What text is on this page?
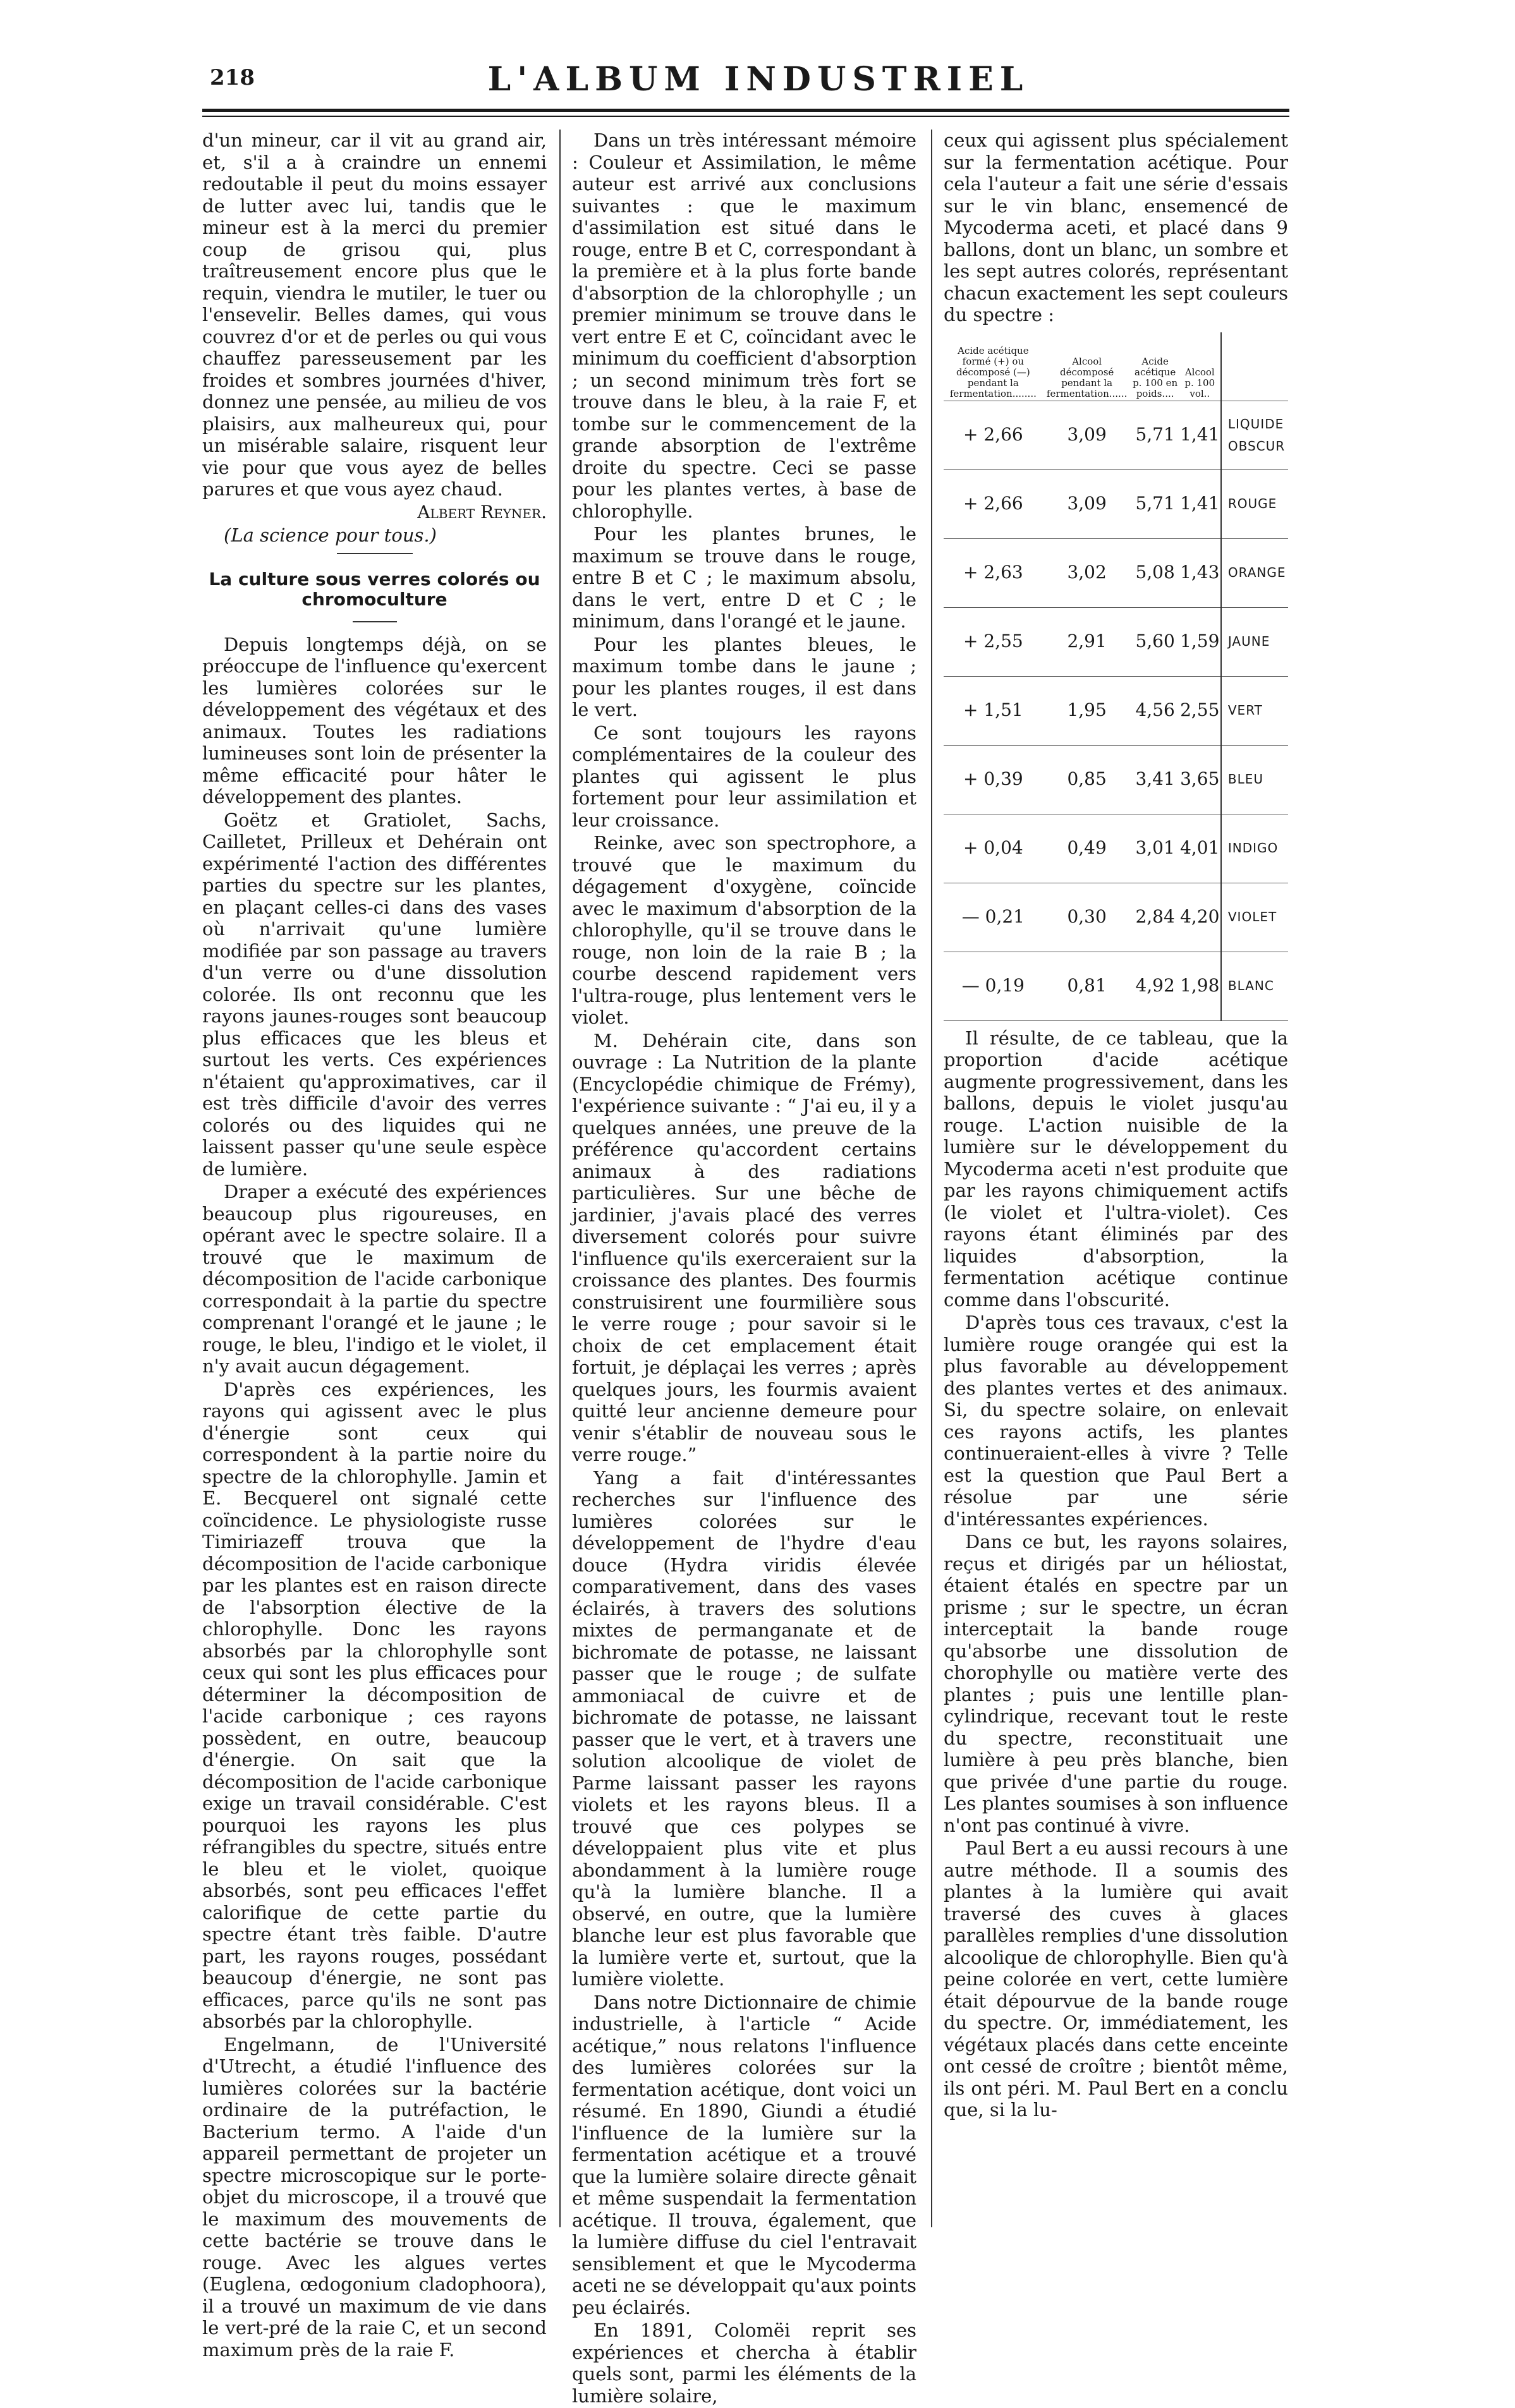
218	L'ALBUM INDUSTRIEL

d'un mineur, car il vit au grand air, et, s'il a à craindre un ennemi redoutable il peut du moins essayer de lutter avec lui, tandis que le mineur est à la merci du premier coup de grisou qui, plus traîtreusement encore plus que le requin, viendra le mutiler, le tuer ou l'ensevelir. Belles dames, qui vous couvrez d'or et de perles ou qui vous chauffez paresseusement par les froides et sombres journées d'hiver, donnez une pensée, au milieu de vos plaisirs, aux malheureux qui, pour un misérable salaire, risquent leur vie pour que vous ayez de belles parures et que vous ayez chaud.

Albert Reyner.

(La science pour tous.)

La culture sous verres colorés ou chromoculture

Depuis longtemps déjà, on se préoccupe de l'influence qu'exercent les lumières colorées sur le développement des végétaux et des animaux. Toutes les radiations lumineuses sont loin de présenter la même efficacité pour hâter le développement des plantes.

Goëtz et Gratiolet, Sachs, Cailletet, Prilleux et Dehérain ont expérimenté l'action des différentes parties du spectre sur les plantes, en plaçant celles-ci dans des vases où n'arrivait qu'une lumière modifiée par son passage au travers d'un verre ou d'une dissolution colorée. Ils ont reconnu que les rayons jaunes-rouges sont beaucoup plus efficaces que les bleus et surtout les verts. Ces expériences n'étaient qu'approximatives, car il est très difficile d'avoir des verres colorés ou des liquides qui ne laissent passer qu'une seule espèce de lumière.

Draper a exécuté des expériences beaucoup plus rigoureuses, en opérant avec le spectre solaire. Il a trouvé que le maximum de décomposition de l'acide carbonique correspondait à la partie du spectre comprenant l'orangé et le jaune ; le rouge, le bleu, l'indigo et le violet, il n'y avait aucun dégagement.

D'après ces expériences, les rayons qui agissent avec le plus d'énergie sont ceux qui correspondent à la partie noire du spectre de la chlorophylle. Jamin et E. Becquerel ont signalé cette coïncidence. Le physiologiste russe Timiriazeff trouva que la décomposition de l'acide carbonique par les plantes est en raison directe de l'absorption élective de la chlorophylle. Donc les rayons absorbés par la chlorophylle sont ceux qui sont les plus efficaces pour déterminer la décomposition de l'acide carbonique ; ces rayons possèdent, en outre, beaucoup d'énergie. On sait que la décomposition de l'acide carbonique exige un travail considérable. C'est pourquoi les rayons les plus réfrangibles du spectre, situés entre le bleu et le violet, quoique absorbés, sont peu efficaces l'effet calorifique de cette partie du spectre étant très faible. D'autre part, les rayons rouges, possédant beaucoup d'énergie, ne sont pas efficaces, parce qu'ils ne sont pas absorbés par la chlorophylle.

Engelmann, de l'Université d'Utrecht, a étudié l'influence des lumières colorées sur la bactérie ordinaire de la putréfaction, le Bacterium termo. A l'aide d'un appareil permettant de projeter un spectre microscopique sur le porte-objet du microscope, il a trouvé que le maximum des mouvements de cette bactérie se trouve dans le rouge. Avec les algues vertes (Euglena, œdogonium cladophoora), il a trouvé un maximum de vie dans le vert-pré de la raie C, et un second maximum près de la raie F.

Dans un très intéressant mémoire : Couleur et Assimilation, le même auteur est arrivé aux conclusions suivantes : que le maximum d'assimilation est situé dans le rouge, entre B et C, correspondant à la première et à la plus forte bande d'absorption de la chlorophylle ; un premier minimum se trouve dans le vert entre E et C, coïncidant avec le minimum du coefficient d'absorption ; un second minimum très fort se trouve dans le bleu, à la raie F, et tombe sur le commencement de la grande absorption de l'extrême droite du spectre. Ceci se passe pour les plantes vertes, à base de chlorophylle.

Pour les plantes brunes, le maximum se trouve dans le rouge, entre B et C ; le maximum absolu, dans le vert, entre D et C ; le minimum, dans l'orangé et le jaune.

Pour les plantes bleues, le maximum tombe dans le jaune ; pour les plantes rouges, il est dans le vert.

Ce sont toujours les rayons complémentaires de la couleur des plantes qui agissent le plus fortement pour leur assimilation et leur croissance.

Reinke, avec son spectrophore, a trouvé que le maximum du dégagement d'oxygène, coïncide avec le maximum d'absorption de la chlorophylle, qu'il se trouve dans le rouge, non loin de la raie B ; la courbe descend rapidement vers l'ultra-rouge, plus lentement vers le violet.

M. Dehérain cite, dans son ouvrage : La Nutrition de la plante (Encyclopédie chimique de Frémy), l'expérience suivante : “ J'ai eu, il y a quelques années, une preuve de la préférence qu'accordent certains animaux à des radiations particulières. Sur une bêche de jardinier, j'avais placé des verres diversement colorés pour suivre l'influence qu'ils exerceraient sur la croissance des plantes. Des fourmis construisirent une fourmilière sous le verre rouge ; pour savoir si le choix de cet emplacement était fortuit, je déplaçai les verres ; après quelques jours, les fourmis avaient quitté leur ancienne demeure pour venir s'établir de nouveau sous le verre rouge.”

Yang a fait d'intéressantes recherches sur l'influence des lumières colorées sur le développement de l'hydre d'eau douce (Hydra viridis élevée comparativement, dans des vases éclairés, à travers des solutions mixtes de permanganate et de bichromate de potasse, ne laissant passer que le rouge ; de sulfate ammoniacal de cuivre et de bichromate de potasse, ne laissant passer que le vert, et à travers une solution alcoolique de violet de Parme laissant passer les rayons violets et les rayons bleus. Il a trouvé que ces polypes se développaient plus vite et plus abondamment à la lumière rouge qu'à la lumière blanche. Il a observé, en outre, que la lumière blanche leur est plus favorable que la lumière verte et, surtout, que la lumière violette.

Dans notre Dictionnaire de chimie industrielle, à l'article “ Acide acétique,” nous relatons l'influence des lumières colorées sur la fermentation acétique, dont voici un résumé. En 1890, Giundi a étudié l'influence de la lumière sur la fermentation acétique et a trouvé que la lumière solaire directe gênait et même suspendait la fermentation acétique. Il trouva, également, que la lumière diffuse du ciel l'entravait sensiblement et que le Mycoderma aceti ne se développait qu'aux points peu éclairés.

En 1891, Colomëi reprit ses expériences et chercha à établir quels sont, parmi les éléments de la lumière solaire,

ceux qui agissent plus spécialement sur la fermentation acétique. Pour cela l'auteur a fait une série d'essais sur le vin blanc, ensemencé de Mycoderma aceti, et placé dans 9 ballons, dont un blanc, un sombre et les sept autres colorés, représentant chacun exactement les sept couleurs du spectre :

Acide acétique formé (+) ou décomposé (—) pendant la fermentation........	Alcool décomposé pendant la fermentation......	Acide acétique p. 100 en poids....	Alcool p. 100 vol..	
+ 2,66	3,09	5,71	1,41	LIQUIDE OBSCUR
+ 2,66	3,09	5,71	1,41	ROUGE
+ 2,63	3,02	5,08	1,43	ORANGE
+ 2,55	2,91	5,60	1,59	JAUNE
+ 1,51	1,95	4,56	2,55	VERT
+ 0,39	0,85	3,41	3,65	BLEU
+ 0,04	0,49	3,01	4,01	INDIGO
— 0,21	0,30	2,84	4,20	VIOLET
— 0,19	0,81	4,92	1,98	BLANC

Il résulte, de ce tableau, que la proportion d'acide acétique augmente progressivement, dans les ballons, depuis le violet jusqu'au rouge. L'action nuisible de la lumière sur le développement du Mycoderma aceti n'est produite que par les rayons chimiquement actifs (le violet et l'ultra-violet). Ces rayons étant éliminés par des liquides d'absorption, la fermentation acétique continue comme dans l'obscurité.

D'après tous ces travaux, c'est la lumière rouge orangée qui est la plus favorable au développement des plantes vertes et des animaux. Si, du spectre solaire, on enlevait ces rayons actifs, les plantes continueraient-elles à vivre ? Telle est la question que Paul Bert a résolue par une série d'intéressantes expériences.

Dans ce but, les rayons solaires, reçus et dirigés par un héliostat, étaient étalés en spectre par un prisme ; sur le spectre, un écran interceptait la bande rouge qu'absorbe une dissolution de chorophylle ou matière verte des plantes ; puis une lentille plan-cylindrique, recevant tout le reste du spectre, reconstituait une lumière à peu près blanche, bien que privée d'une partie du rouge. Les plantes soumises à son influence n'ont pas continué à vivre.

Paul Bert a eu aussi recours à une autre méthode. Il a soumis des plantes à la lumière qui avait traversé des cuves à glaces parallèles remplies d'une dissolution alcoolique de chlorophylle. Bien qu'à peine colorée en vert, cette lumière était dépourvue de la bande rouge du spectre. Or, immédiatement, les végétaux placés dans cette enceinte ont cessé de croître ; bientôt même, ils ont péri. M. Paul Bert en a conclu que, si la lu-
